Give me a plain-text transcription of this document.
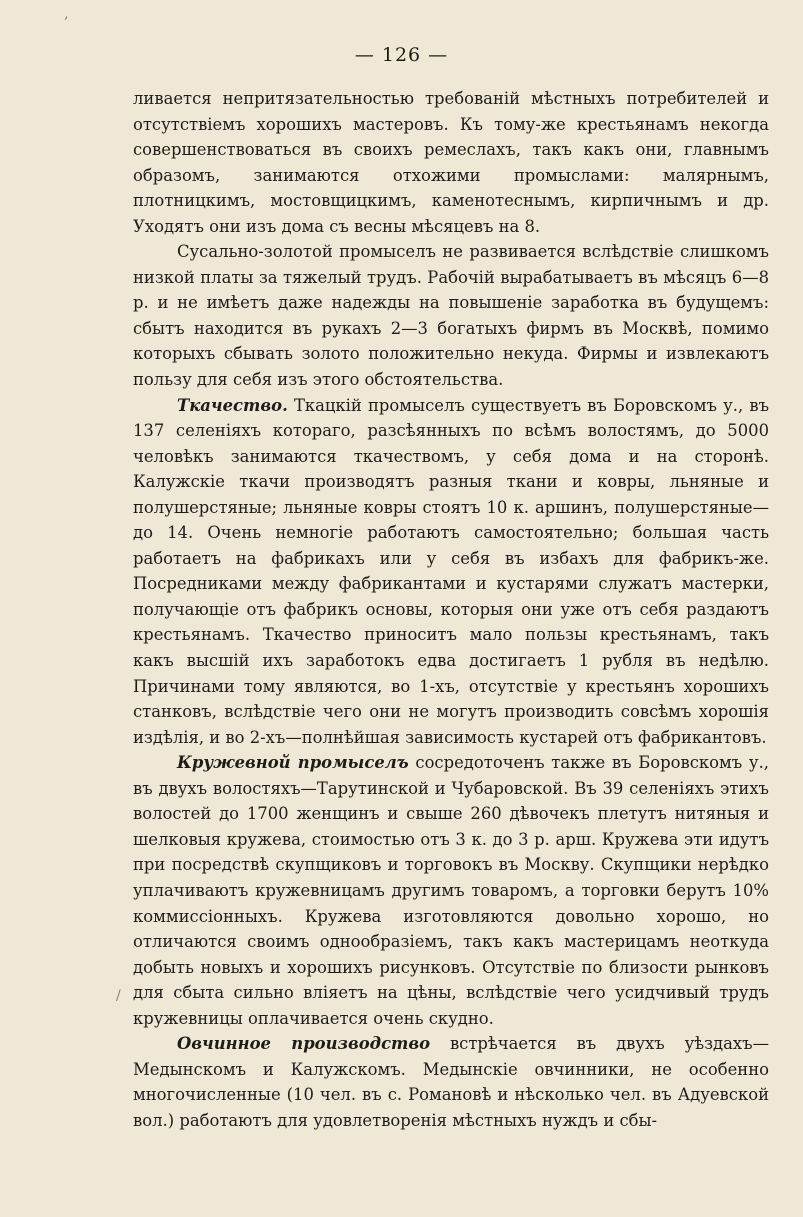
‚
/
— 126 —

ливается непритязательностью требованій мѣстныхъ потребителей и отсутствіемъ хорошихъ мастеровъ. Къ тому-же крестьянамъ некогда совершенствоваться въ своихъ ремеслахъ, такъ какъ они, главнымъ образомъ, занимаются отхожими промыслами: малярнымъ, плотницкимъ, мостовщицкимъ, каменотеснымъ, кирпичнымъ и др. Уходятъ они изъ дома съ весны мѣсяцевъ на 8.

Сусально-золотой промыселъ не развивается вслѣдствіе слишкомъ низкой платы за тяжелый трудъ. Рабочій вырабатываетъ въ мѣсяцъ 6—8 р. и не имѣетъ даже надежды на повышеніе заработка въ будущемъ: сбытъ находится въ рукахъ 2—3 богатыхъ фирмъ въ Москвѣ, помимо которыхъ сбывать золото положительно некуда. Фирмы и извлекаютъ пользу для себя изъ этого обстоятельства.

Ткачество. Ткацкій промыселъ существуетъ въ Боровскомъ у., въ 137 селеніяхъ котораго, разсѣянныхъ по всѣмъ волостямъ, до 5000 человѣкъ занимаются ткачествомъ, у себя дома и на сторонѣ. Калужскіе ткачи производятъ разныя ткани и ковры, льняные и полушерстяные; льняные ковры стоятъ 10 к. аршинъ, полушерстяные—до 14. Очень немногіе работаютъ самостоятельно; большая часть работаетъ на фабрикахъ или у себя въ избахъ для фабрикъ-же. Посредниками между фабрикантами и кустарями служатъ мастерки, получающіе отъ фабрикъ основы, которыя они уже отъ себя раздаютъ крестьянамъ. Ткачество приноситъ мало пользы крестьянамъ, такъ какъ высшій ихъ заработокъ едва достигаетъ 1 рубля въ недѣлю. Причинами тому являются, во 1-хъ, отсутствіе у крестьянъ хорошихъ станковъ, вслѣдствіе чего они не могутъ производить совсѣмъ хорошія издѣлія, и во 2-хъ—полнѣйшая зависимость кустарей отъ фабрикантовъ.

Кружевной промыселъ сосредоточенъ также въ Боровскомъ у., въ двухъ волостяхъ—Тарутинской и Чубаровской. Въ 39 селеніяхъ этихъ волостей до 1700 женщинъ и свыше 260 дѣвочекъ плетутъ нитяныя и шелковыя кружева, стоимостью отъ 3 к. до 3 р. арш. Кружева эти идутъ при посредствѣ скупщиковъ и торговокъ въ Москву. Скупщики нерѣдко уплачиваютъ кружевницамъ другимъ товаромъ, а торговки берутъ 10% коммиссіонныхъ. Кружева изготовляются довольно хорошо, но отличаются своимъ однообразіемъ, такъ какъ мастерицамъ неоткуда добыть новыхъ и хорошихъ рисунковъ. Отсутствіе по близости рынковъ для сбыта сильно вліяетъ на цѣны, вслѣдствіе чего усидчивый трудъ кружевницы оплачивается очень скудно.

Овчинное производство встрѣчается въ двухъ уѣздахъ—Медынскомъ и Калужскомъ. Медынскіе овчинники, не особенно многочисленные (10 чел. въ с. Романовѣ и нѣсколько чел. въ Адуевской вол.) работаютъ для удовлетворенія мѣстныхъ нуждъ и сбы-
